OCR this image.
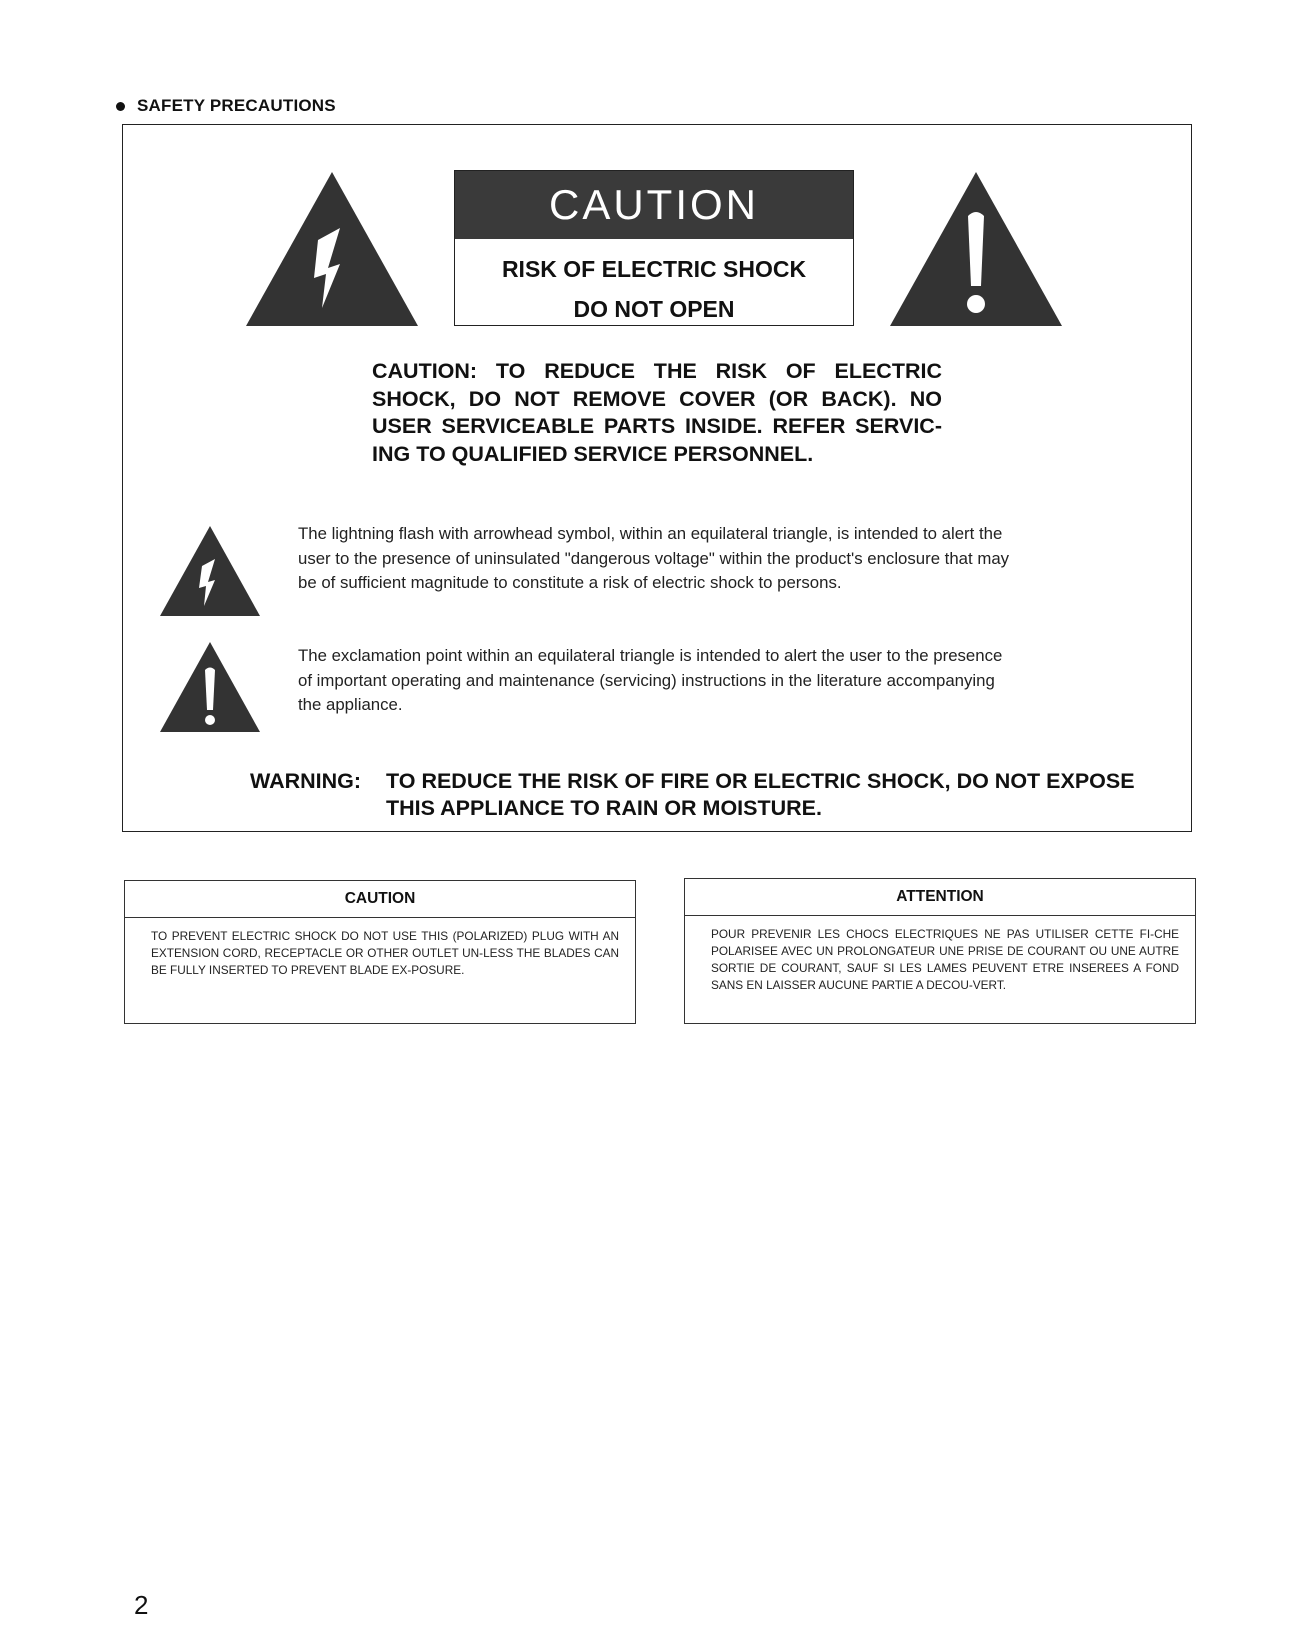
SAFETY PRECAUTIONS
CAUTION
RISK OF ELECTRIC SHOCK
DO NOT OPEN
CAUTION: TO REDUCE THE RISK OF ELECTRIC SHOCK, DO NOT REMOVE COVER (OR BACK). NO USER SERVICEABLE PARTS INSIDE. REFER SERVIC-ING TO QUALIFIED SERVICE PERSONNEL.
The lightning flash with arrowhead symbol, within an equilateral triangle, is intended to alert the user to the presence of uninsulated "dangerous voltage" within the product's enclosure that may be of sufficient magnitude to constitute a risk of electric shock to persons.
The exclamation point within an equilateral triangle is intended to alert the user to the presence of important operating and maintenance (servicing) instructions in the literature accompanying the appliance.
WARNING:	TO REDUCE THE RISK OF FIRE OR ELECTRIC SHOCK, DO NOT EXPOSE THIS APPLIANCE TO RAIN OR MOISTURE.
CAUTION
TO PREVENT ELECTRIC SHOCK DO NOT USE THIS (POLARIZED) PLUG WITH AN EXTENSION CORD, RECEPTACLE OR OTHER OUTLET UN-LESS THE BLADES CAN BE FULLY INSERTED TO PREVENT BLADE EX-POSURE.
ATTENTION
POUR PREVENIR LES CHOCS ELECTRIQUES NE PAS UTILISER CETTE FI-CHE POLARISEE AVEC UN PROLONGATEUR UNE PRISE DE COURANT OU UNE AUTRE SORTIE DE COURANT, SAUF SI LES LAMES PEUVENT ETRE INSEREES A FOND SANS EN LAISSER AUCUNE PARTIE A DECOU-VERT.
2
